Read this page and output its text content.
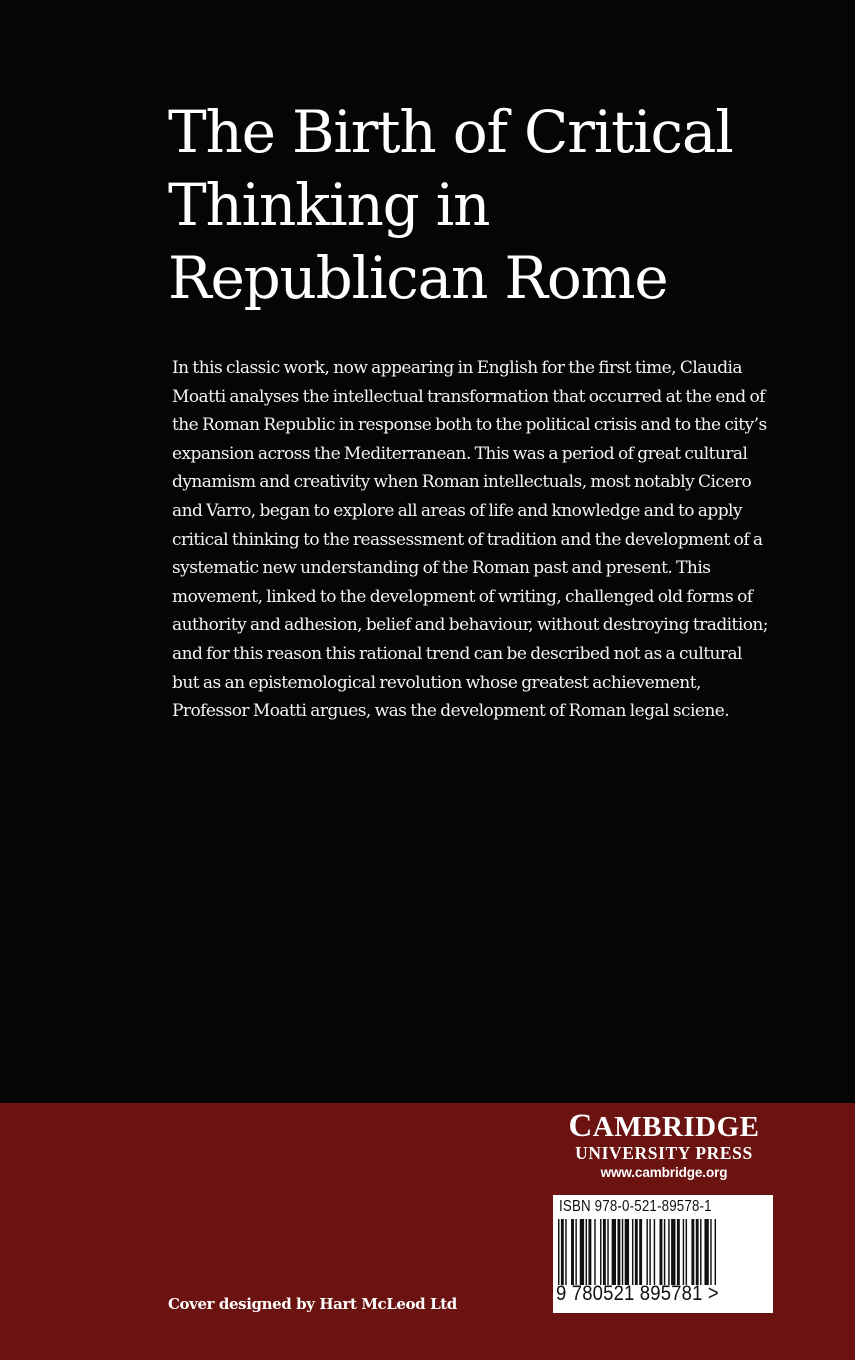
The Birth of Critical Thinking in Republican Rome

In this classic work, now appearing in English for the first time, Claudia Moatti analyses the intellectual transformation that occurred at the end of the Roman Republic in response both to the political crisis and to the city’s expansion across the Mediterranean. This was a period of great cultural dynamism and creativity when Roman intellectuals, most notably Cicero and Varro, began to explore all areas of life and knowledge and to apply critical thinking to the reassessment of tradition and the development of a systematic new understanding of the Roman past and present. This movement, linked to the development of writing, challenged old forms of authority and adhesion, belief and behaviour, without destroying tradition; and for this reason this rational trend can be described not as a cultural but as an epistemological revolution whose greatest achievement, Professor Moatti argues, was the development of Roman legal sciene.

Cover designed by Hart McLeod Ltd
CAMBRIDGE
UNIVERSITY PRESS
www.cambridge.org
ISBN 978-0-521-89578-1
9 780521 895781 >
